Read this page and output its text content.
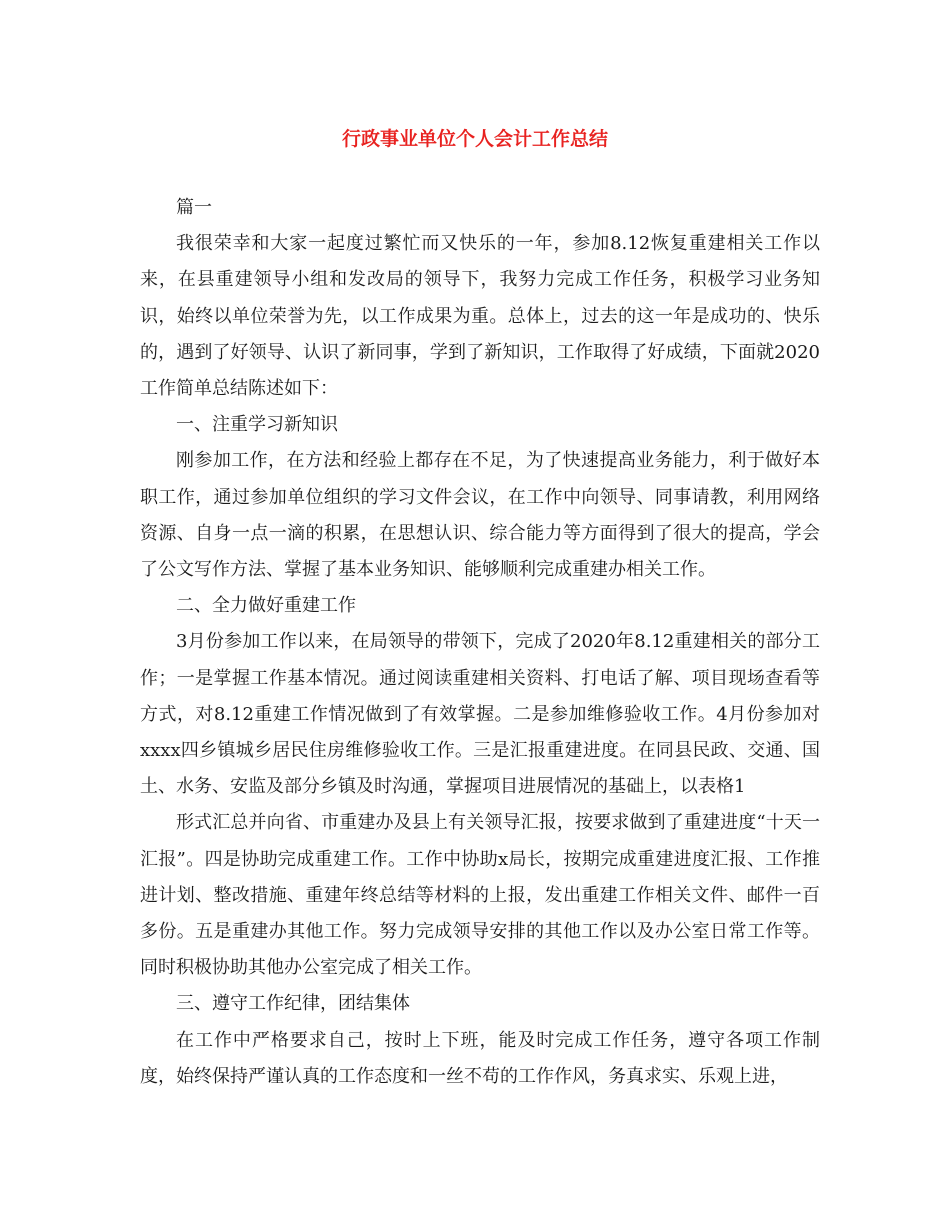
行政事业单位个人会计工作总结

篇一

我很荣幸和大家一起度过繁忙而又快乐的一年，参加8.12恢复重建相关工作以来，在县重建领导小组和发改局的领导下，我努力完成工作任务，积极学习业务知识，始终以单位荣誉为先，以工作成果为重。总体上，过去的这一年是成功的、快乐的，遇到了好领导、认识了新同事，学到了新知识，工作取得了好成绩，下面就2020工作简单总结陈述如下：

一、注重学习新知识

刚参加工作，在方法和经验上都存在不足，为了快速提高业务能力，利于做好本职工作，通过参加单位组织的学习文件会议，在工作中向领导、同事请教，利用网络资源、自身一点一滴的积累，在思想认识、综合能力等方面得到了很大的提高，学会了公文写作方法、掌握了基本业务知识、能够顺利完成重建办相关工作。

二、全力做好重建工作

3月份参加工作以来，在局领导的带领下，完成了2020年8.12重建相关的部分工作；一是掌握工作基本情况。通过阅读重建相关资料、打电话了解、项目现场查看等方式，对8.12重建工作情况做到了有效掌握。二是参加维修验收工作。4月份参加对xxxx四乡镇城乡居民住房维修验收工作。三是汇报重建进度。在同县民政、交通、国土、水务、安监及部分乡镇及时沟通，掌握项目进展情况的基础上，以表格1

形式汇总并向省、市重建办及县上有关领导汇报，按要求做到了重建进度“十天一汇报”。四是协助完成重建工作。工作中协助x局长，按期完成重建进度汇报、工作推进计划、整改措施、重建年终总结等材料的上报，发出重建工作相关文件、邮件一百多份。五是重建办其他工作。努力完成领导安排的其他工作以及办公室日常工作等。同时积极协助其他办公室完成了相关工作。

三、遵守工作纪律，团结集体

在工作中严格要求自己，按时上下班，能及时完成工作任务，遵守各项工作制度，始终保持严谨认真的工作态度和一丝不苟的工作作风，务真求实、乐观上进，
